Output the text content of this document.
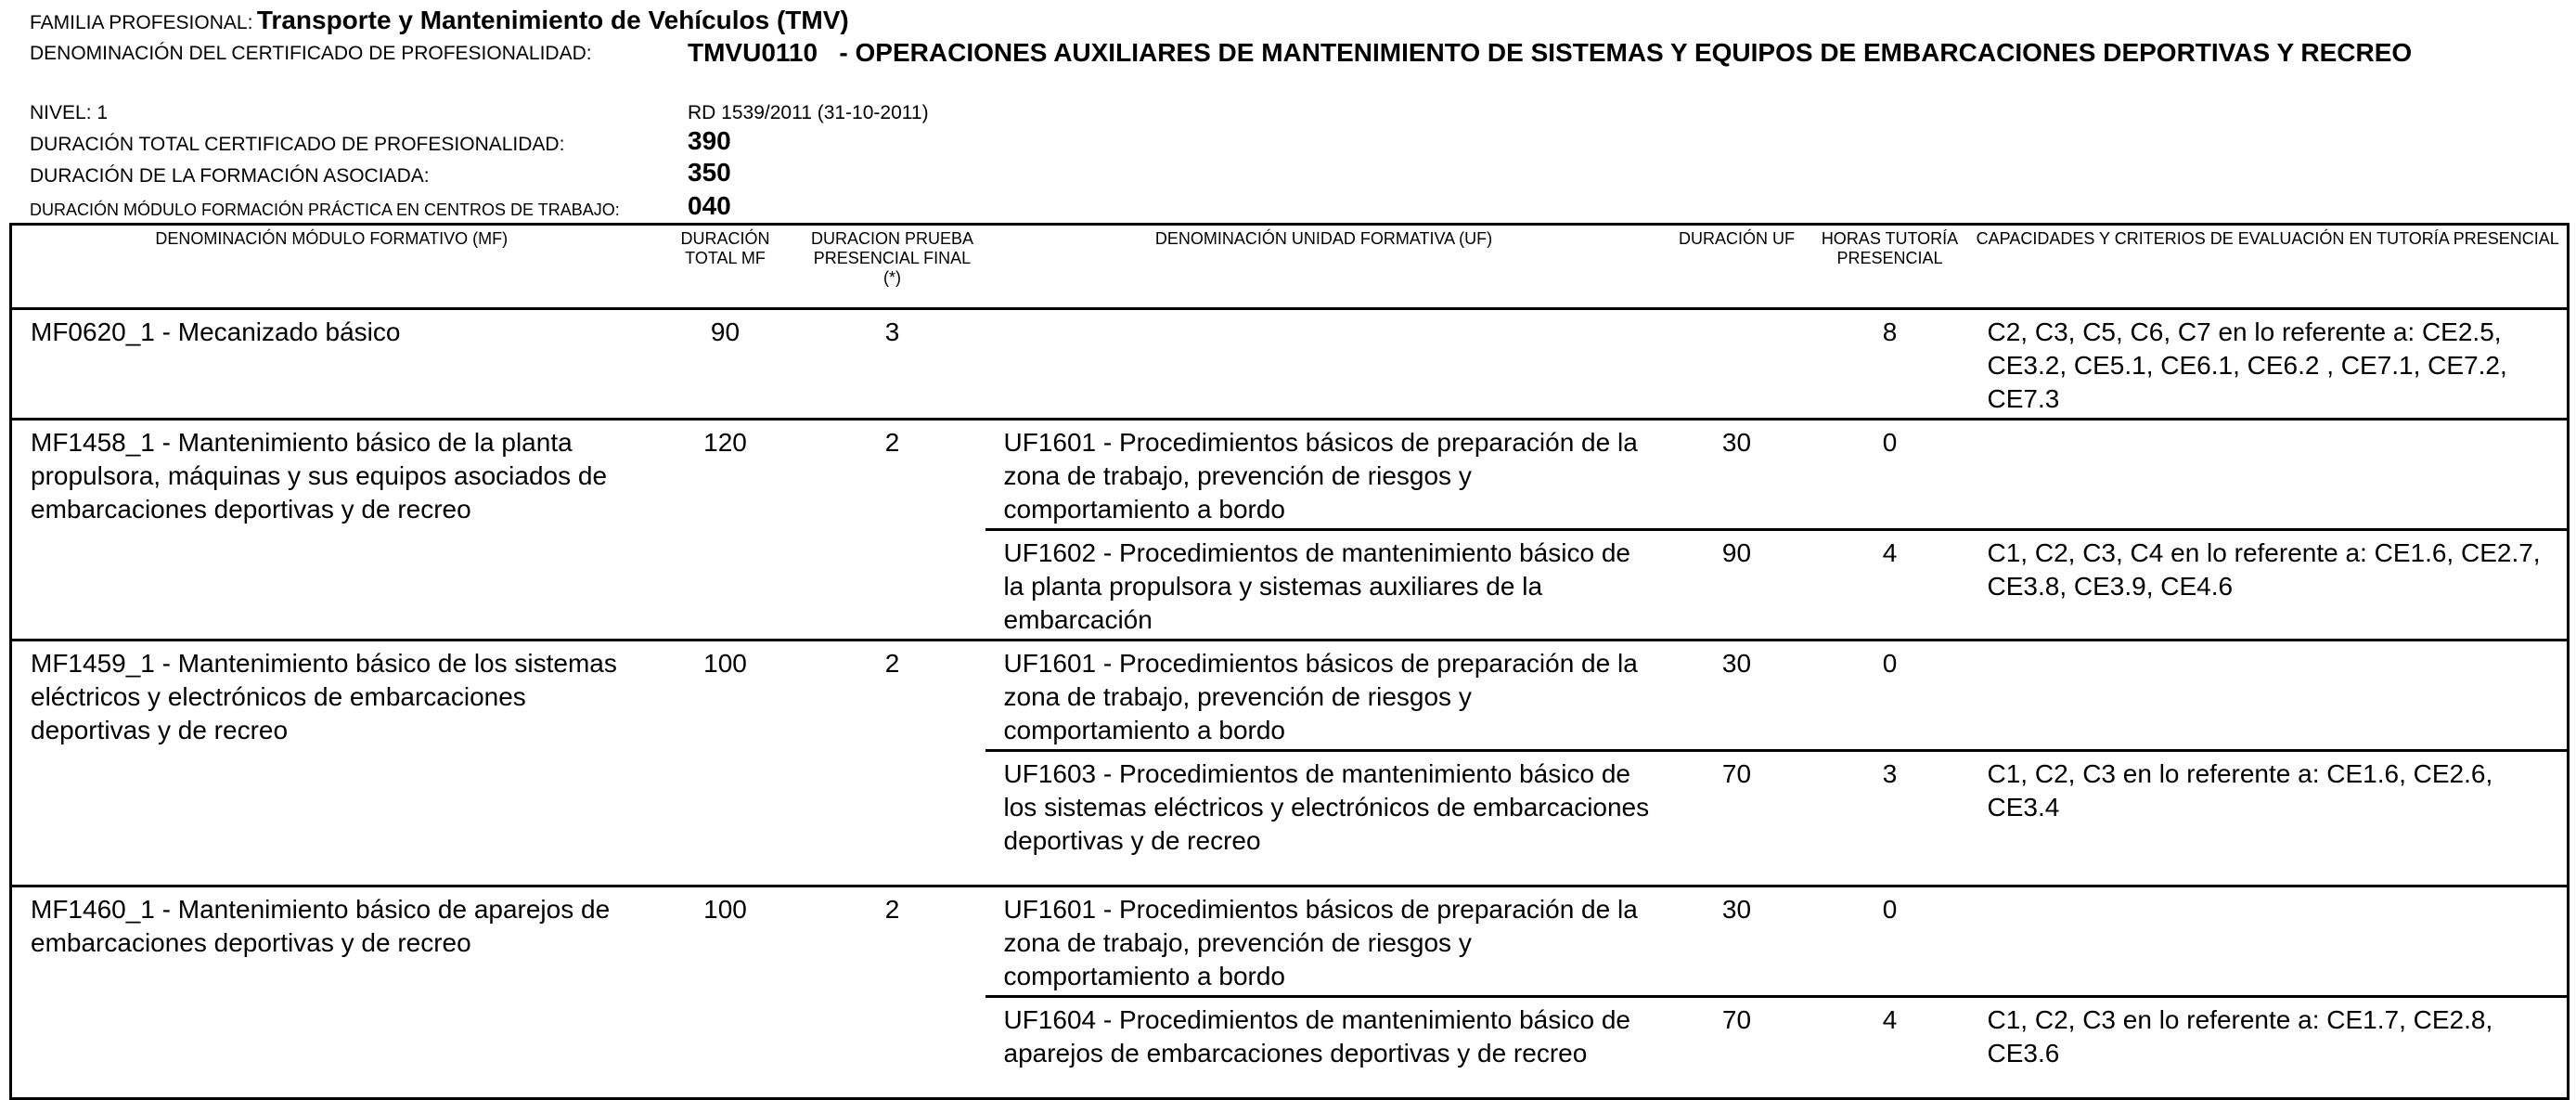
FAMILIA PROFESIONAL: Transporte y Mantenimiento de Vehículos (TMV)
DENOMINACIÓN DEL CERTIFICADO DE PROFESIONALIDAD:	TMVU0110 - OPERACIONES AUXILIARES DE MANTENIMIENTO DE SISTEMAS Y EQUIPOS DE EMBARCACIONES DEPORTIVAS Y RECREO
NIVEL: 1	RD 1539/2011 (31-10-2011)
DURACIÓN TOTAL CERTIFICADO DE PROFESIONALIDAD:	390
DURACIÓN DE LA FORMACIÓN ASOCIADA:	350
DURACIÓN MÓDULO FORMACIÓN PRÁCTICA EN CENTROS DE TRABAJO:	040
DENOMINACIÓN MÓDULO FORMATIVO (MF)	DURACIÓN TOTAL MF	DURACION PRUEBA PRESENCIAL FINAL (*)	DENOMINACIÓN UNIDAD FORMATIVA (UF)	DURACIÓN UF	HORAS TUTORÍA PRESENCIAL	CAPACIDADES Y CRITERIOS DE EVALUACIÓN EN TUTORÍA PRESENCIAL
MF0620_1 - Mecanizado básico	90	3			8	C2, C3, C5, C6, C7 en lo referente a: CE2.5, CE3.2, CE5.1, CE6.1, CE6.2 , CE7.1, CE7.2, CE7.3
MF1458_1 - Mantenimiento básico de la planta propulsora, máquinas y sus equipos asociados de embarcaciones deportivas y de recreo	120	2	UF1601 - Procedimientos básicos de preparación de la zona de trabajo, prevención de riesgos y comportamiento a bordo	30	0	
			UF1602 - Procedimientos de mantenimiento básico de la planta propulsora y sistemas auxiliares de la embarcación	90	4	C1, C2, C3, C4 en lo referente a: CE1.6, CE2.7, CE3.8, CE3.9, CE4.6
MF1459_1 - Mantenimiento básico de los sistemas eléctricos y electrónicos de embarcaciones deportivas y de recreo	100	2	UF1601 - Procedimientos básicos de preparación de la zona de trabajo, prevención de riesgos y comportamiento a bordo	30	0	
			UF1603 - Procedimientos de mantenimiento básico de los sistemas eléctricos y electrónicos de embarcaciones deportivas y de recreo	70	3	C1, C2, C3 en lo referente a: CE1.6, CE2.6, CE3.4
MF1460_1 - Mantenimiento básico de aparejos de embarcaciones deportivas y de recreo	100	2	UF1601 - Procedimientos básicos de preparación de la zona de trabajo, prevención de riesgos y comportamiento a bordo	30	0	
			UF1604 - Procedimientos de mantenimiento básico de aparejos de embarcaciones deportivas y de recreo	70	4	C1, C2, C3 en lo referente a: CE1.7, CE2.8, CE3.6
